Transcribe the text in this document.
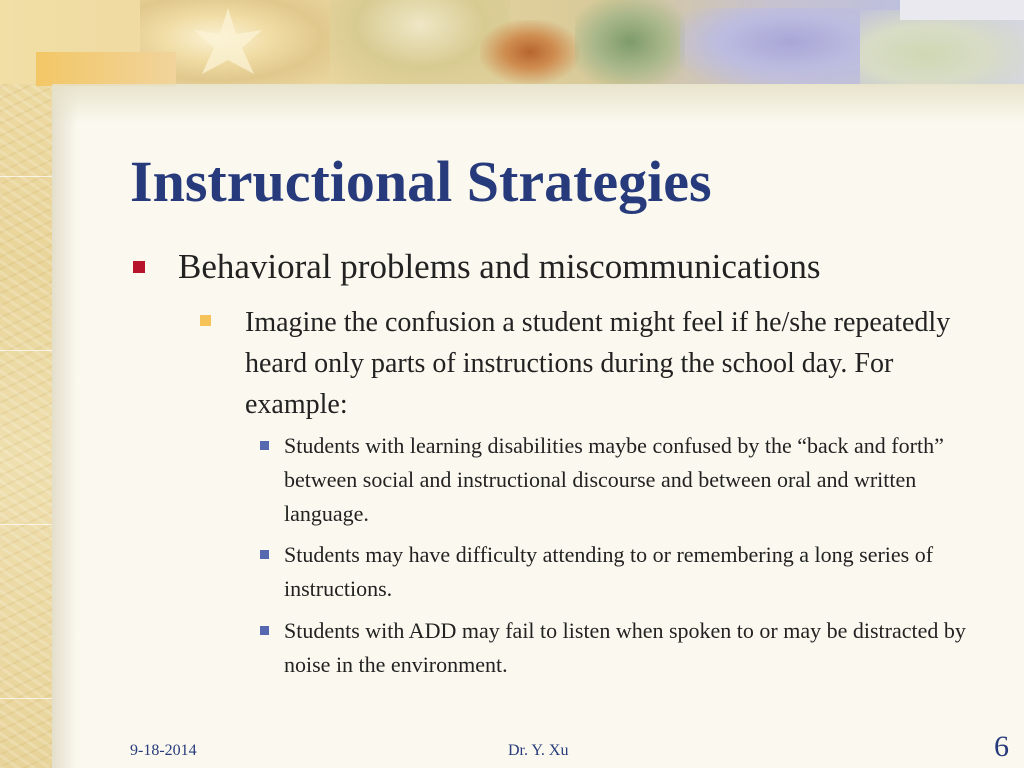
Instructional Strategies
Behavioral problems and miscommunications
Imagine the confusion a student might feel if he/she repeatedly heard only parts of instructions during the school day. For example:
Students with learning disabilities maybe confused by the “back and forth” between social and instructional discourse and between oral and written language.
Students may have difficulty attending to or remembering a long series of instructions.
Students with ADD may fail to listen when spoken to or may be distracted by noise in the environment.
9-18-2014	Dr. Y. Xu	6
